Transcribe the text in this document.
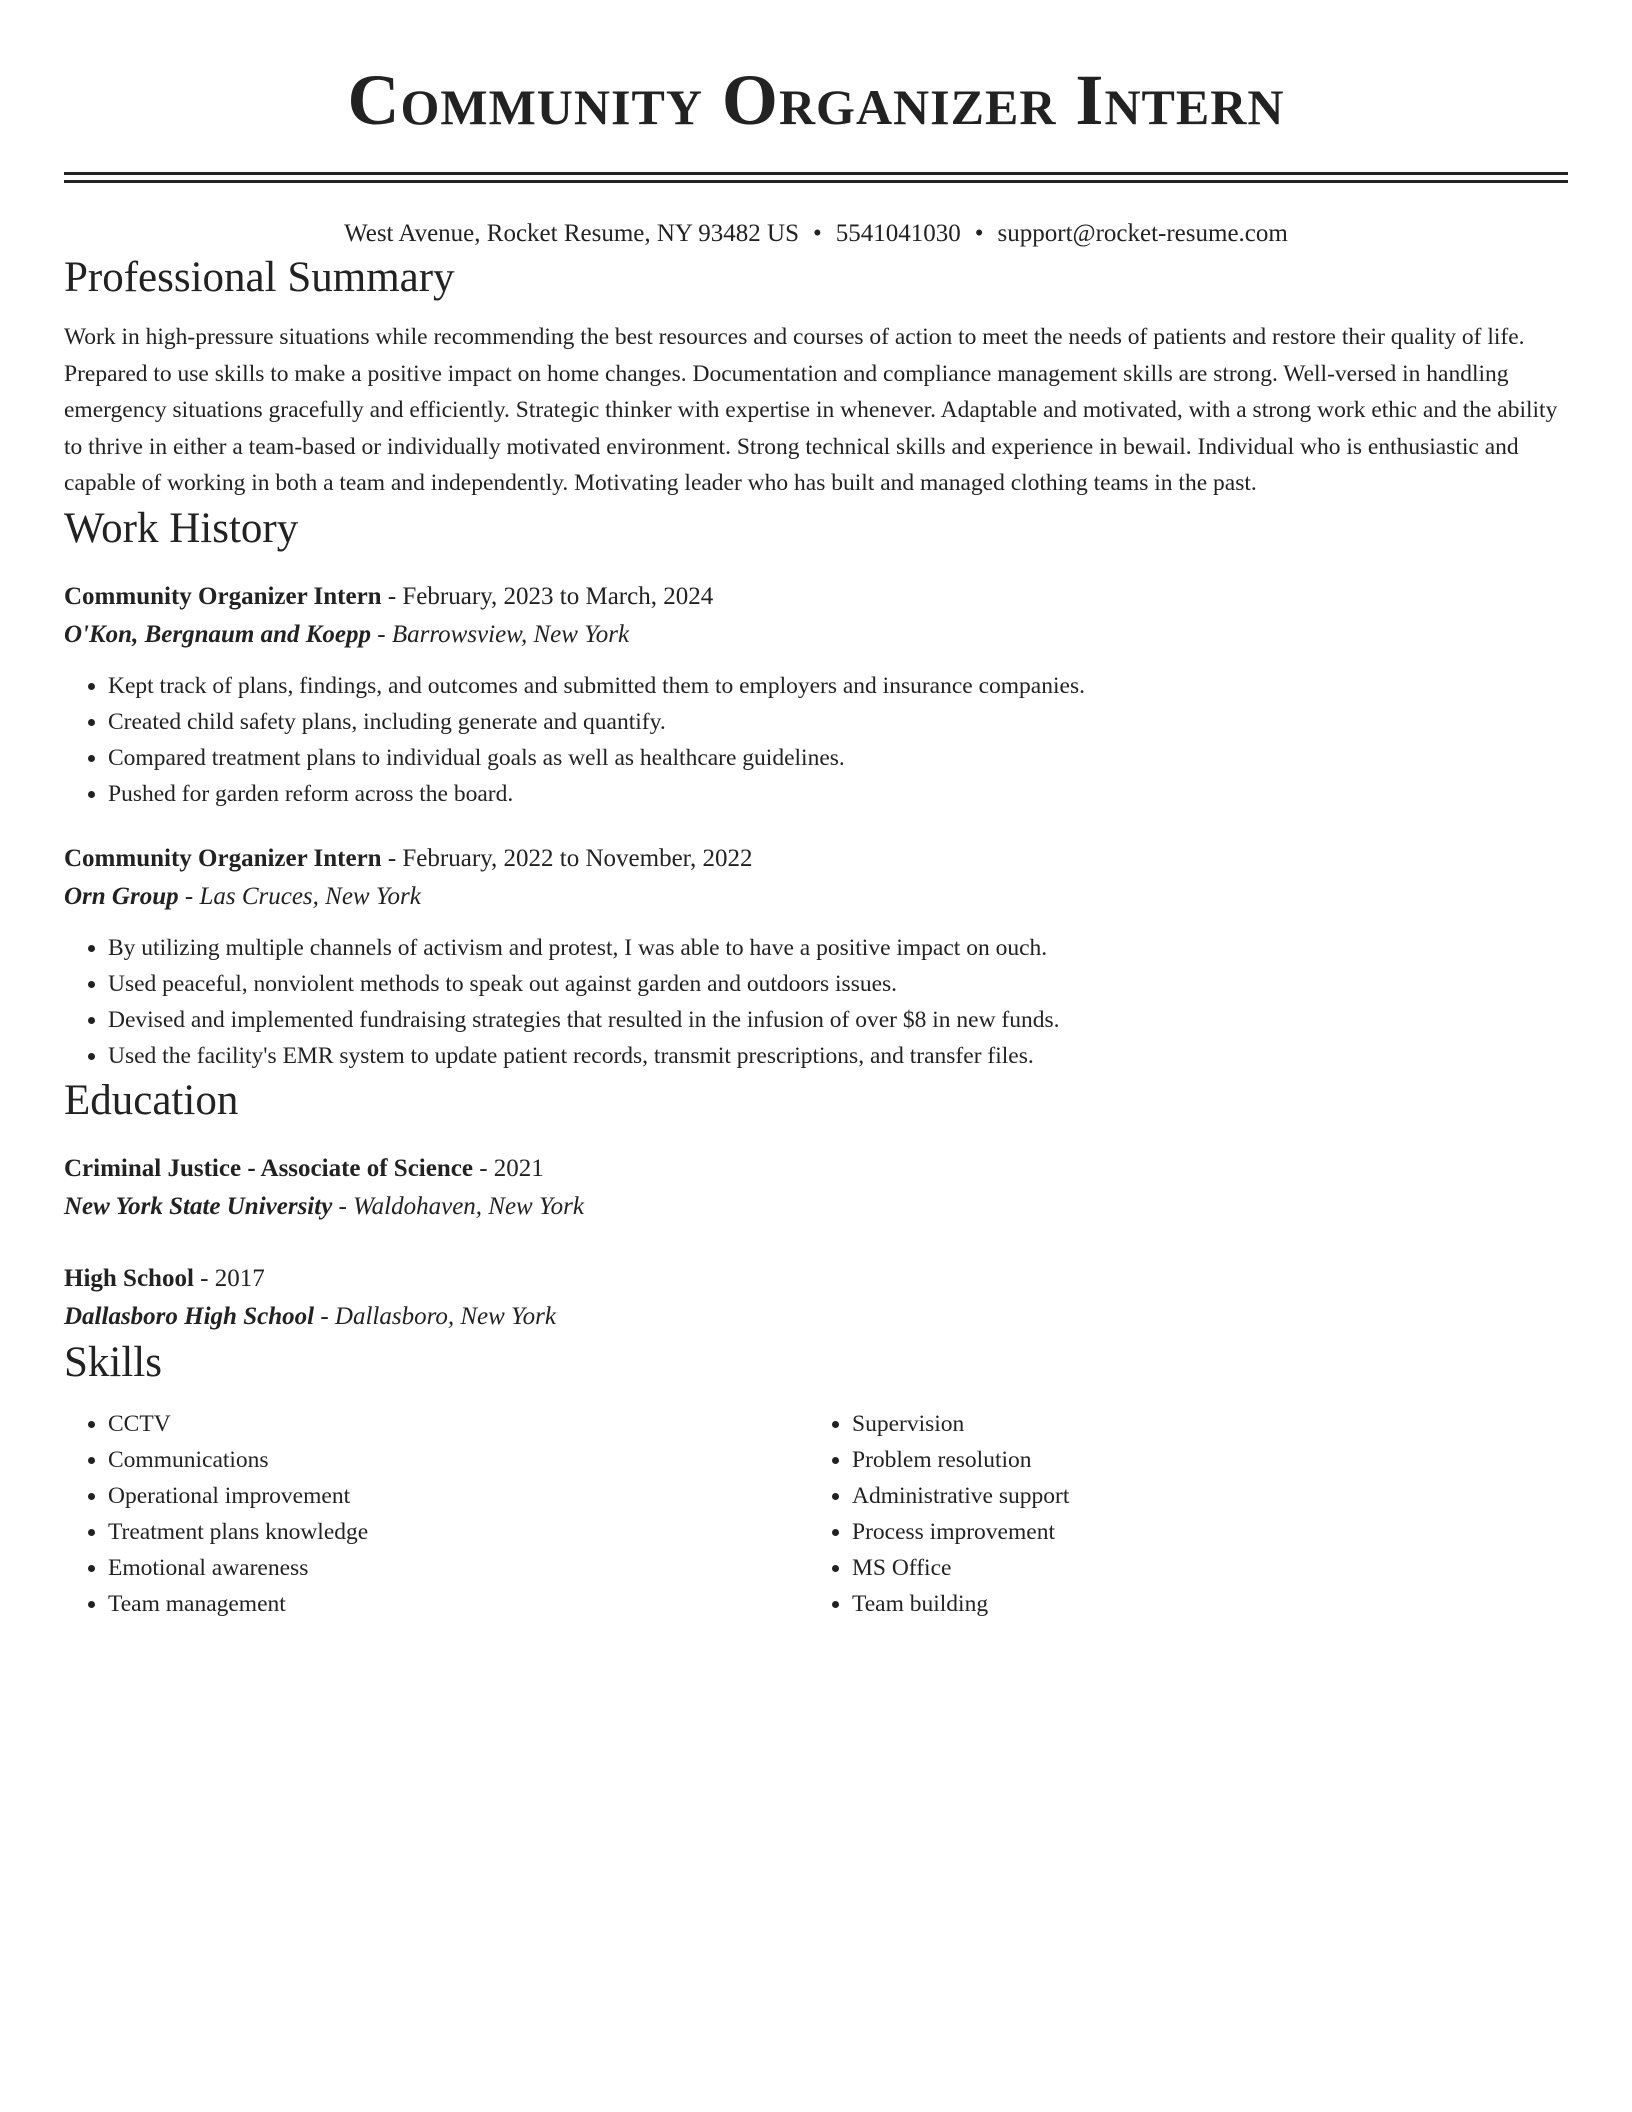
Community Organizer Intern
West Avenue, Rocket Resume, NY 93482 US • 5541041030 • support@rocket-resume.com
Professional Summary
Work in high-pressure situations while recommending the best resources and courses of action to meet the needs of patients and restore their quality of life. Prepared to use skills to make a positive impact on home changes. Documentation and compliance management skills are strong. Well-versed in handling emergency situations gracefully and efficiently. Strategic thinker with expertise in whenever. Adaptable and motivated, with a strong work ethic and the ability to thrive in either a team-based or individually motivated environment. Strong technical skills and experience in bewail. Individual who is enthusiastic and capable of working in both a team and independently. Motivating leader who has built and managed clothing teams in the past.
Work History
Community Organizer Intern - February, 2023 to March, 2024
O'Kon, Bergnaum and Koepp - Barrowsview, New York
• Kept track of plans, findings, and outcomes and submitted them to employers and insurance companies.
• Created child safety plans, including generate and quantify.
• Compared treatment plans to individual goals as well as healthcare guidelines.
• Pushed for garden reform across the board.
Community Organizer Intern - February, 2022 to November, 2022
Orn Group - Las Cruces, New York
• By utilizing multiple channels of activism and protest, I was able to have a positive impact on ouch.
• Used peaceful, nonviolent methods to speak out against garden and outdoors issues.
• Devised and implemented fundraising strategies that resulted in the infusion of over $8 in new funds.
• Used the facility's EMR system to update patient records, transmit prescriptions, and transfer files.
Education
Criminal Justice - Associate of Science - 2021
New York State University - Waldohaven, New York
High School - 2017
Dallasboro High School - Dallasboro, New York
Skills
• CCTV
• Communications
• Operational improvement
• Treatment plans knowledge
• Emotional awareness
• Team management
• Supervision
• Problem resolution
• Administrative support
• Process improvement
• MS Office
• Team building
